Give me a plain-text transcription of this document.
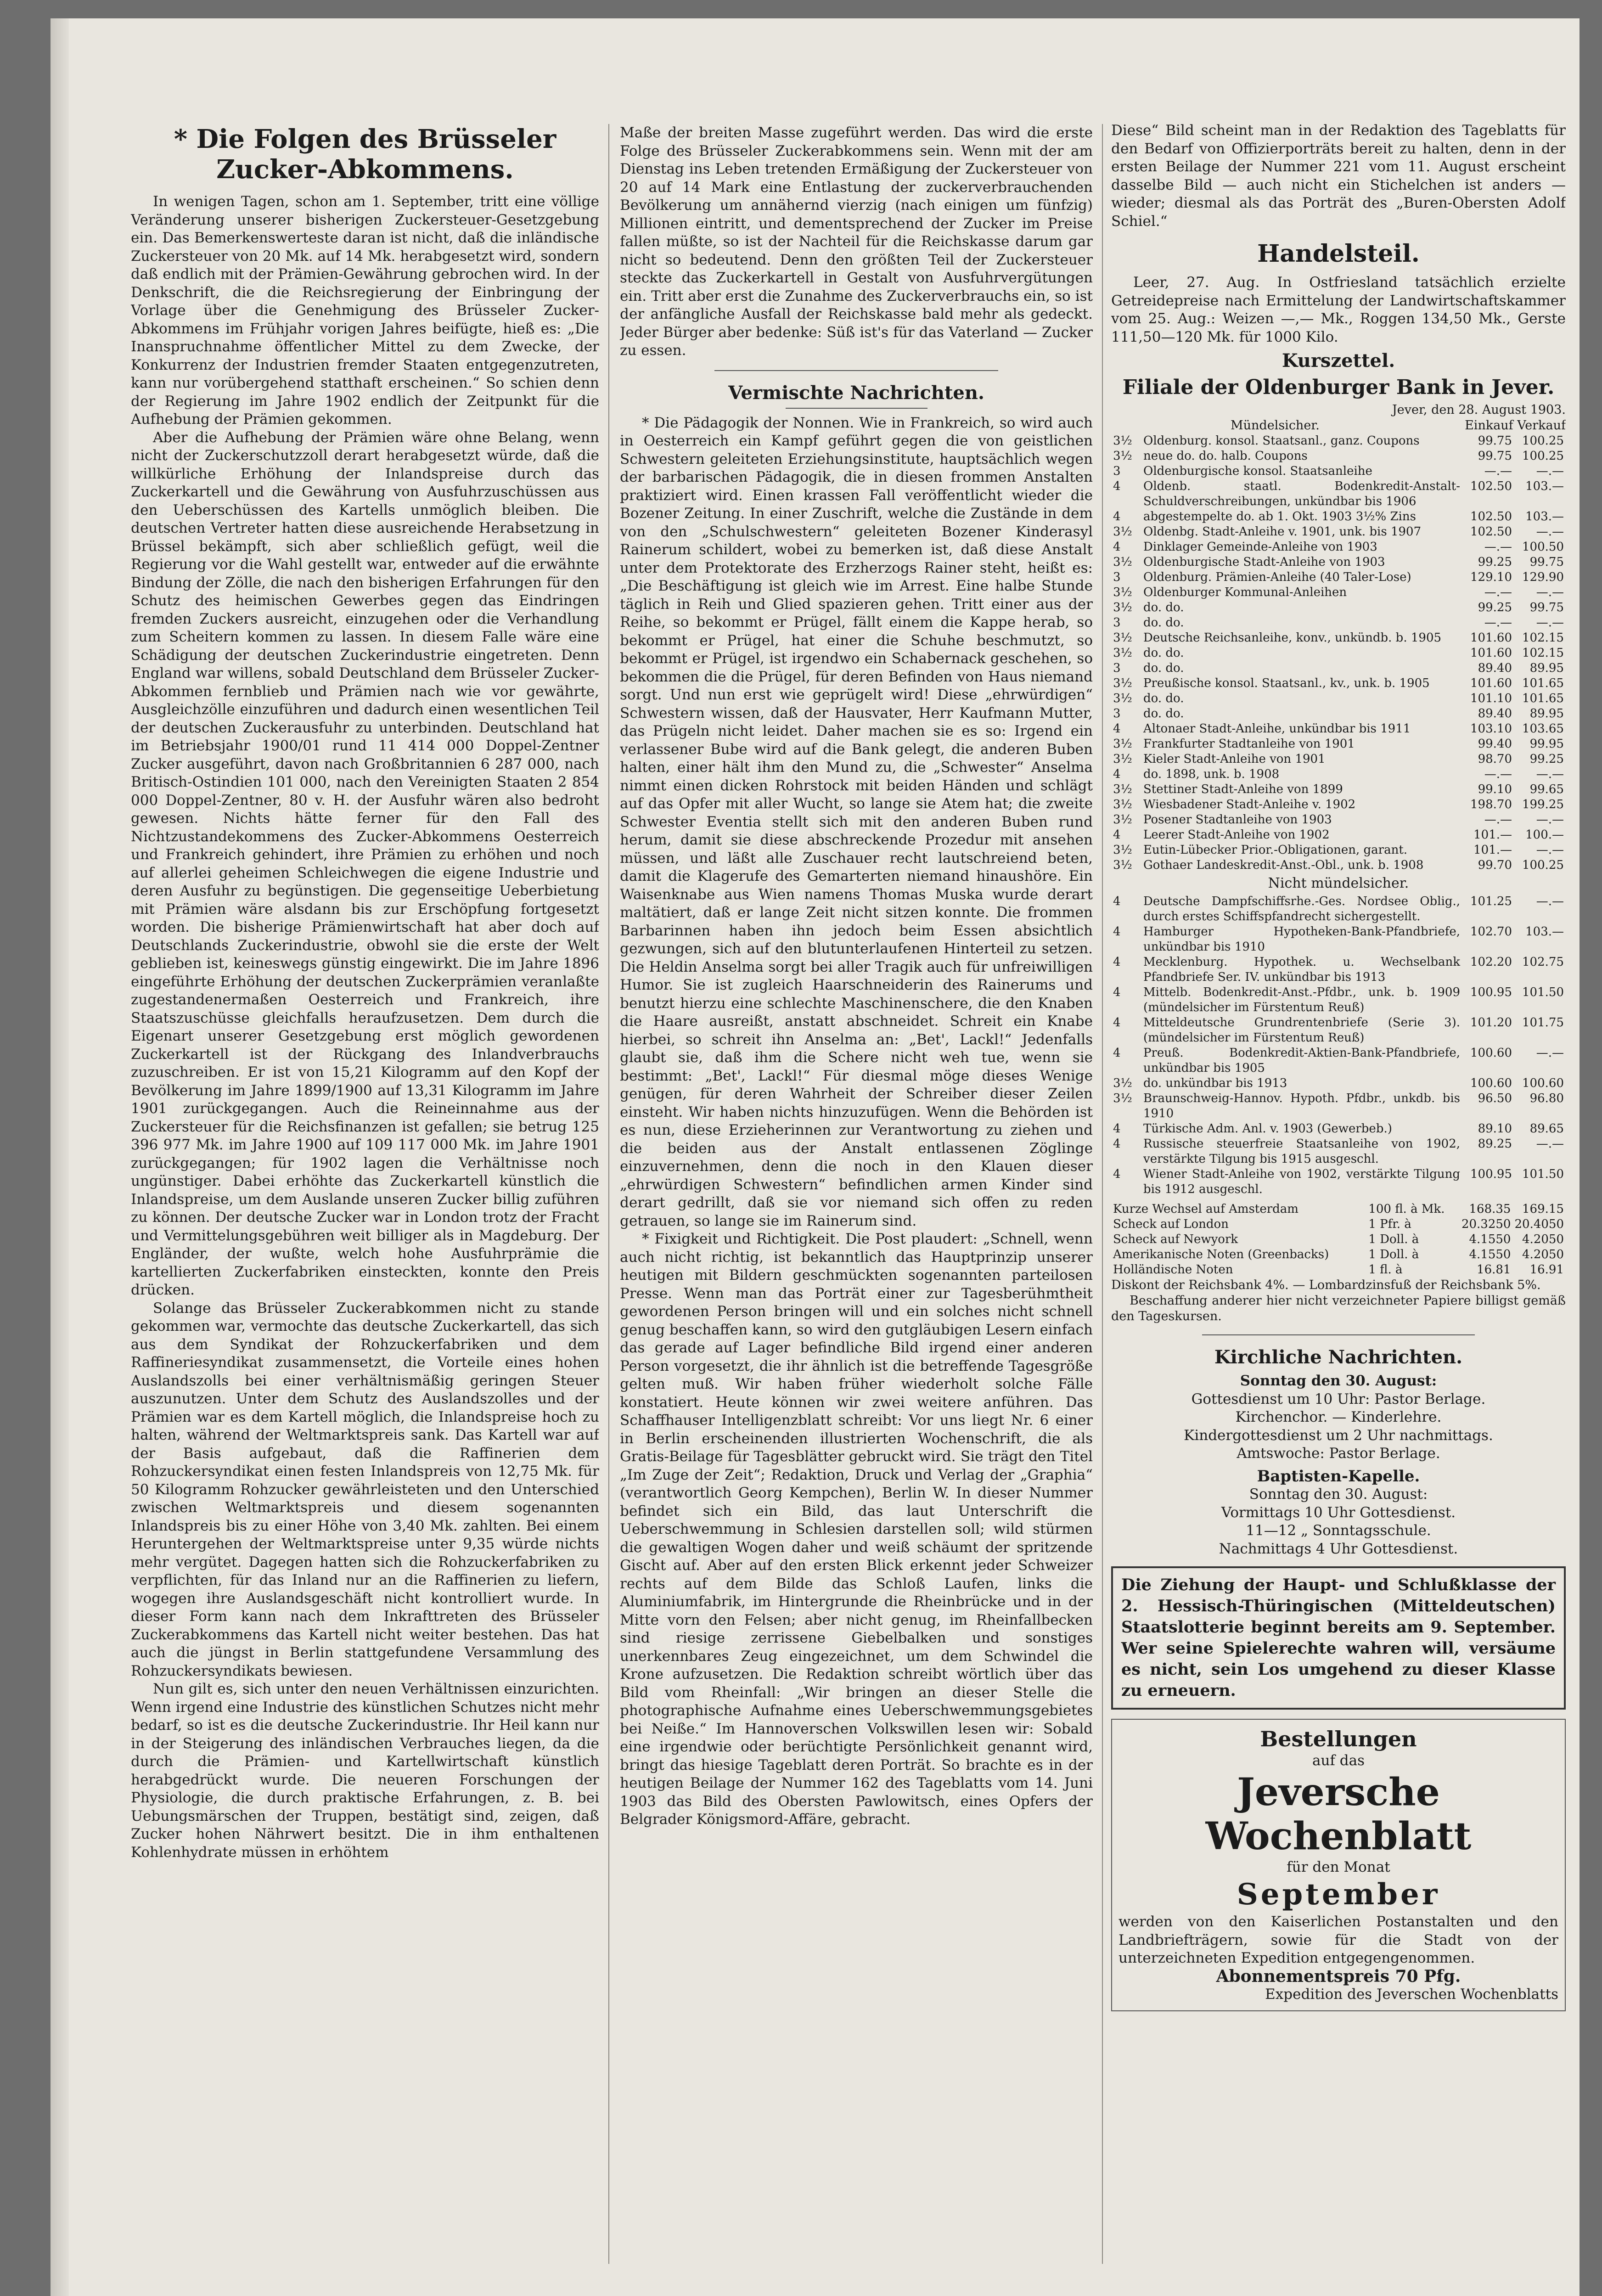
* Die Folgen des Brüsseler Zucker-Abkommens.

In wenigen Tagen, schon am 1. September, tritt eine völlige Veränderung unserer bisherigen Zuckersteuer-Gesetzgebung ein. Das Bemerkenswerteste daran ist nicht, daß die inländische Zuckersteuer von 20 Mk. auf 14 Mk. herabgesetzt wird, sondern daß endlich mit der Prämien-Gewährung gebrochen wird. In der Denkschrift, die die Reichsregierung der Einbringung der Vorlage über die Genehmigung des Brüsseler Zucker-Abkommens im Frühjahr vorigen Jahres beifügte, hieß es: „Die Inanspruchnahme öffentlicher Mittel zu dem Zwecke, der Konkurrenz der Industrien fremder Staaten entgegenzutreten, kann nur vorübergehend statthaft erscheinen.“ So schien denn der Regierung im Jahre 1902 endlich der Zeitpunkt für die Aufhebung der Prämien gekommen.

Aber die Aufhebung der Prämien wäre ohne Belang, wenn nicht der Zuckerschutzzoll derart herabgesetzt würde, daß die willkürliche Erhöhung der Inlandspreise durch das Zuckerkartell und die Gewährung von Ausfuhrzuschüssen aus den Ueberschüssen des Kartells unmöglich bleiben. Die deutschen Vertreter hatten diese ausreichende Herabsetzung in Brüssel bekämpft, sich aber schließlich gefügt, weil die Regierung vor die Wahl gestellt war, entweder auf die erwähnte Bindung der Zölle, die nach den bisherigen Erfahrungen für den Schutz des heimischen Gewerbes gegen das Eindringen fremden Zuckers ausreicht, einzugehen oder die Verhandlung zum Scheitern kommen zu lassen. In diesem Falle wäre eine Schädigung der deutschen Zuckerindustrie eingetreten. Denn England war willens, sobald Deutschland dem Brüsseler Zucker-Abkommen fernblieb und Prämien nach wie vor gewährte, Ausgleichzölle einzuführen und dadurch einen wesentlichen Teil der deutschen Zuckerausfuhr zu unterbinden. Deutschland hat im Betriebsjahr 1900/01 rund 11 414 000 Doppel-Zentner Zucker ausgeführt, davon nach Großbritannien 6 287 000, nach Britisch-Ostindien 101 000, nach den Vereinigten Staaten 2 854 000 Doppel-Zentner, 80 v. H. der Ausfuhr wären also bedroht gewesen. Nichts hätte ferner für den Fall des Nichtzustandekommens des Zucker-Abkommens Oesterreich und Frankreich gehindert, ihre Prämien zu erhöhen und noch auf allerlei geheimen Schleichwegen die eigene Industrie und deren Ausfuhr zu begünstigen. Die gegenseitige Ueberbietung mit Prämien wäre alsdann bis zur Erschöpfung fortgesetzt worden. Die bisherige Prämienwirtschaft hat aber doch auf Deutschlands Zuckerindustrie, obwohl sie die erste der Welt geblieben ist, keineswegs günstig eingewirkt. Die im Jahre 1896 eingeführte Erhöhung der deutschen Zuckerprämien veranlaßte zugestandenermaßen Oesterreich und Frankreich, ihre Staatszuschüsse gleichfalls heraufzusetzen. Dem durch die Eigenart unserer Gesetzgebung erst möglich gewordenen Zuckerkartell ist der Rückgang des Inlandverbrauchs zuzuschreiben. Er ist von 15,21 Kilogramm auf den Kopf der Bevölkerung im Jahre 1899/1900 auf 13,31 Kilogramm im Jahre 1901 zurückgegangen. Auch die Reineinnahme aus der Zuckersteuer für die Reichsfinanzen ist gefallen; sie betrug 125 396 977 Mk. im Jahre 1900 auf 109 117 000 Mk. im Jahre 1901 zurückgegangen; für 1902 lagen die Verhältnisse noch ungünstiger. Dabei erhöhte das Zuckerkartell künstlich die Inlandspreise, um dem Auslande unseren Zucker billig zuführen zu können. Der deutsche Zucker war in London trotz der Fracht und Vermittelungsgebühren weit billiger als in Magdeburg. Der Engländer, der wußte, welch hohe Ausfuhrprämie die kartellierten Zuckerfabriken einsteckten, konnte den Preis drücken.

Solange das Brüsseler Zuckerabkommen nicht zu stande gekommen war, vermochte das deutsche Zuckerkartell, das sich aus dem Syndikat der Rohzuckerfabriken und dem Raffineriesyndikat zusammensetzt, die Vorteile eines hohen Auslandszolls bei einer verhältnismäßig geringen Steuer auszunutzen. Unter dem Schutz des Auslandszolles und der Prämien war es dem Kartell möglich, die Inlandspreise hoch zu halten, während der Weltmarktspreis sank. Das Kartell war auf der Basis aufgebaut, daß die Raffinerien dem Rohzuckersyndikat einen festen Inlandspreis von 12,75 Mk. für 50 Kilogramm Rohzucker gewährleisteten und den Unterschied zwischen Weltmarktspreis und diesem sogenannten Inlandspreis bis zu einer Höhe von 3,40 Mk. zahlten. Bei einem Heruntergehen der Weltmarktspreise unter 9,35 würde nichts mehr vergütet. Dagegen hatten sich die Rohzuckerfabriken zu verpflichten, für das Inland nur an die Raffinerien zu liefern, wogegen ihre Auslandsgeschäft nicht kontrolliert wurde. In dieser Form kann nach dem Inkrafttreten des Brüsseler Zuckerabkommens das Kartell nicht weiter bestehen. Das hat auch die jüngst in Berlin stattgefundene Versammlung des Rohzuckersyndikats bewiesen.

Nun gilt es, sich unter den neuen Verhältnissen einzurichten. Wenn irgend eine Industrie des künstlichen Schutzes nicht mehr bedarf, so ist es die deutsche Zuckerindustrie. Ihr Heil kann nur in der Steigerung des inländischen Verbrauches liegen, da die durch die Prämien- und Kartellwirtschaft künstlich herabgedrückt wurde. Die neueren Forschungen der Physiologie, die durch praktische Erfahrungen, z. B. bei Uebungsmärschen der Truppen, bestätigt sind, zeigen, daß Zucker hohen Nährwert besitzt. Die in ihm enthaltenen Kohlenhydrate müssen in erhöhtem

Maße der breiten Masse zugeführt werden. Das wird die erste Folge des Brüsseler Zuckerabkommens sein. Wenn mit der am Dienstag ins Leben tretenden Ermäßigung der Zuckersteuer von 20 auf 14 Mark eine Entlastung der zuckerverbrauchenden Bevölkerung um annähernd vierzig (nach einigen um fünfzig) Millionen eintritt, und dementsprechend der Zucker im Preise fallen müßte, so ist der Nachteil für die Reichskasse darum gar nicht so bedeutend. Denn den größten Teil der Zuckersteuer steckte das Zuckerkartell in Gestalt von Ausfuhrvergütungen ein. Tritt aber erst die Zunahme des Zuckerverbrauchs ein, so ist der anfängliche Ausfall der Reichskasse bald mehr als gedeckt. Jeder Bürger aber bedenke: Süß ist's für das Vaterland — Zucker zu essen.

Vermischte Nachrichten.

* Die Pädagogik der Nonnen. Wie in Frankreich, so wird auch in Oesterreich ein Kampf geführt gegen die von geistlichen Schwestern geleiteten Erziehungsinstitute, hauptsächlich wegen der barbarischen Pädagogik, die in diesen frommen Anstalten praktiziert wird. Einen krassen Fall veröffentlicht wieder die Bozener Zeitung. In einer Zuschrift, welche die Zustände in dem von den „Schulschwestern“ geleiteten Bozener Kinderasyl Rainerum schildert, wobei zu bemerken ist, daß diese Anstalt unter dem Protektorate des Erzherzogs Rainer steht, heißt es: „Die Beschäftigung ist gleich wie im Arrest. Eine halbe Stunde täglich in Reih und Glied spazieren gehen. Tritt einer aus der Reihe, so bekommt er Prügel, fällt einem die Kappe herab, so bekommt er Prügel, hat einer die Schuhe beschmutzt, so bekommt er Prügel, ist irgendwo ein Schabernack geschehen, so bekommen die die Prügel, für deren Befinden von Haus niemand sorgt. Und nun erst wie geprügelt wird! Diese „ehrwürdigen“ Schwestern wissen, daß der Hausvater, Herr Kaufmann Mutter, das Prügeln nicht leidet. Daher machen sie es so: Irgend ein verlassener Bube wird auf die Bank gelegt, die anderen Buben halten, einer hält ihm den Mund zu, die „Schwester“ Anselma nimmt einen dicken Rohrstock mit beiden Händen und schlägt auf das Opfer mit aller Wucht, so lange sie Atem hat; die zweite Schwester Eventia stellt sich mit den anderen Buben rund herum, damit sie diese abschreckende Prozedur mit ansehen müssen, und läßt alle Zuschauer recht lautschreiend beten, damit die Klagerufe des Gemarterten niemand hinaushöre. Ein Waisenknabe aus Wien namens Thomas Muska wurde derart maltätiert, daß er lange Zeit nicht sitzen konnte. Die frommen Barbarinnen haben ihn jedoch beim Essen absichtlich gezwungen, sich auf den blutunterlaufenen Hinterteil zu setzen. Die Heldin Anselma sorgt bei aller Tragik auch für unfreiwilligen Humor. Sie ist zugleich Haarschneiderin des Rainerums und benutzt hierzu eine schlechte Maschinenschere, die den Knaben die Haare ausreißt, anstatt abschneidet. Schreit ein Knabe hierbei, so schreit ihn Anselma an: „Bet', Lackl!“ Jedenfalls glaubt sie, daß ihm die Schere nicht weh tue, wenn sie bestimmt: „Bet', Lackl!“ Für diesmal möge dieses Wenige genügen, für deren Wahrheit der Schreiber dieser Zeilen einsteht. Wir haben nichts hinzuzufügen. Wenn die Behörden ist es nun, diese Erzieherinnen zur Verantwortung zu ziehen und die beiden aus der Anstalt entlassenen Zöglinge einzuvernehmen, denn die noch in den Klauen dieser „ehrwürdigen Schwestern“ befindlichen armen Kinder sind derart gedrillt, daß sie vor niemand sich offen zu reden getrauen, so lange sie im Rainerum sind.

* Fixigkeit und Richtigkeit. Die Post plaudert: „Schnell, wenn auch nicht richtig, ist bekanntlich das Hauptprinzip unserer heutigen mit Bildern geschmückten sogenannten parteilosen Presse. Wenn man das Porträt einer zur Tagesberühmtheit gewordenen Person bringen will und ein solches nicht schnell genug beschaffen kann, so wird den gutgläubigen Lesern einfach das gerade auf Lager befindliche Bild irgend einer anderen Person vorgesetzt, die ihr ähnlich ist die betreffende Tagesgröße gelten muß. Wir haben früher wiederholt solche Fälle konstatiert. Heute können wir zwei weitere anführen. Das Schaffhauser Intelligenzblatt schreibt: Vor uns liegt Nr. 6 einer in Berlin erscheinenden illustrierten Wochenschrift, die als Gratis-Beilage für Tagesblätter gebruckt wird. Sie trägt den Titel „Im Zuge der Zeit“; Redaktion, Druck und Verlag der „Graphia“ (verantwortlich Georg Kempchen), Berlin W. In dieser Nummer befindet sich ein Bild, das laut Unterschrift die Ueberschwemmung in Schlesien darstellen soll; wild stürmen die gewaltigen Wogen daher und weiß schäumt der spritzende Gischt auf. Aber auf den ersten Blick erkennt jeder Schweizer rechts auf dem Bilde das Schloß Laufen, links die Aluminiumfabrik, im Hintergrunde die Rheinbrücke und in der Mitte vorn den Felsen; aber nicht genug, im Rheinfallbecken sind riesige zerrissene Giebelbalken und sonstiges unerkennbares Zeug eingezeichnet, um dem Schwindel die Krone aufzusetzen. Die Redaktion schreibt wörtlich über das Bild vom Rheinfall: „Wir bringen an dieser Stelle die photographische Aufnahme eines Ueberschwemmungsgebietes bei Neiße.“ Im Hannoverschen Volkswillen lesen wir: Sobald eine irgendwie oder berüchtigte Persönlichkeit genannt wird, bringt das hiesige Tageblatt deren Porträt. So brachte es in der heutigen Beilage der Nummer 162 des Tageblatts vom 14. Juni 1903 das Bild des Obersten Pawlowitsch, eines Opfers der Belgrader Königsmord-Affäre, gebracht.

Diese“ Bild scheint man in der Redaktion des Tageblatts für den Bedarf von Offizierporträts bereit zu halten, denn in der ersten Beilage der Nummer 221 vom 11. August erscheint dasselbe Bild — auch nicht ein Stichelchen ist anders — wieder; diesmal als das Porträt des „Buren-Obersten Adolf Schiel.“

Handelsteil.

Leer, 27. Aug. In Ostfriesland tatsächlich erzielte Getreidepreise nach Ermittelung der Landwirtschaftskammer vom 25. Aug.: Weizen —,— Mk., Roggen 134,50 Mk., Gerste 111,50—120 Mk. für 1000 Kilo.

Kurszettel.
Filiale der Oldenburger Bank in Jever.
Jever, den 28. August 1903.
Mündelsicher.	Einkauf Verkauf
3½	Oldenburg. konsol. Staatsanl., ganz. Coupons	99.75	100.25
3½	neue do. do. halb. Coupons	99.75	100.25
3	Oldenburgische konsol. Staatsanleihe	—.—	—.—
4	Oldenb. staatl. Bodenkredit-Anstalt-Schuldverschreibungen, unkündbar bis 1906	102.50	103.—
4	abgestempelte do. ab 1. Okt. 1903 3½% Zins	102.50	103.—
3½	Oldenbg. Stadt-Anleihe v. 1901, unk. bis 1907	102.50	—.—
4	Dinklager Gemeinde-Anleihe von 1903	—.—	100.50
3½	Oldenburgische Stadt-Anleihe von 1903	99.25	99.75
3	Oldenburg. Prämien-Anleihe (40 Taler-Lose)	129.10	129.90
3½	Oldenburger Kommunal-Anleihen	—.—	—.—
3½	do. do.	99.25	99.75
3	do. do.	—.—	—.—
3½	Deutsche Reichsanleihe, konv., unkündb. b. 1905	101.60	102.15
3½	do. do.	101.60	102.15
3	do. do.	89.40	89.95
3½	Preußische konsol. Staatsanl., kv., unk. b. 1905	101.60	101.65
3½	do. do.	101.10	101.65
3	do. do.	89.40	89.95
4	Altonaer Stadt-Anleihe, unkündbar bis 1911	103.10	103.65
3½	Frankfurter Stadtanleihe von 1901	99.40	99.95
3½	Kieler Stadt-Anleihe von 1901	98.70	99.25
4	do. 1898, unk. b. 1908	—.—	—.—
3½	Stettiner Stadt-Anleihe von 1899	99.10	99.65
3½	Wiesbadener Stadt-Anleihe v. 1902	198.70	199.25
3½	Posener Stadtanleihe von 1903	—.—	—.—
4	Leerer Stadt-Anleihe von 1902	101.—	100.—
3½	Eutin-Lübecker Prior.-Obligationen, garant.	101.—	—.—
3½	Gothaer Landeskredit-Anst.-Obl., unk. b. 1908	99.70	100.25
Nicht mündelsicher.
4	Deutsche Dampfschiffsrhe.-Ges. Nordsee Oblig., durch erstes Schiffspfandrecht sichergestellt.	101.25	—.—
4	Hamburger Hypotheken-Bank-Pfandbriefe, unkündbar bis 1910	102.70	103.—
4	Mecklenburg. Hypothek. u. Wechselbank Pfandbriefe Ser. IV. unkündbar bis 1913	102.20	102.75
4	Mittelb. Bodenkredit-Anst.-Pfdbr., unk. b. 1909 (mündelsicher im Fürstentum Reuß)	100.95	101.50
4	Mitteldeutsche Grundrentenbriefe (Serie 3). (mündelsicher im Fürstentum Reuß)	101.20	101.75
4	Preuß. Bodenkredit-Aktien-Bank-Pfandbriefe, unkündbar bis 1905	100.60	—.—
3½	do. unkündbar bis 1913	100.60	100.60
3½	Braunschweig-Hannov. Hypoth. Pfdbr., unkdb. bis 1910	96.50	96.80
4	Türkische Adm. Anl. v. 1903 (Gewerbeb.)	89.10	89.65
4	Russische steuerfreie Staatsanleihe von 1902, verstärkte Tilgung bis 1915 ausgeschl.	89.25	—.—
4	Wiener Stadt-Anleihe von 1902, verstärkte Tilgung bis 1912 ausgeschl.	100.95	101.50
Kurze Wechsel auf Amsterdam	100 fl. à Mk.	168.35	169.15
Scheck auf London	1 Pfr. à	20.3250	20.4050
Scheck auf Newyork	1 Doll. à	4.1550	4.2050
Amerikanische Noten (Greenbacks)	1 Doll. à	4.1550	4.2050
Holländische Noten	1 fl. à	16.81	16.91
Diskont der Reichsbank 4%. — Lombardzinsfuß der Reichsbank 5%.
Beschaffung anderer hier nicht verzeichneter Papiere billigst gemäß den Tageskursen.
Kirchliche Nachrichten.
Sonntag den 30. August:
Gottesdienst um 10 Uhr: Pastor Berlage.
Kirchenchor. — Kinderlehre.
Kindergottesdienst um 2 Uhr nachmittags.
Amtswoche: Pastor Berlage.
Baptisten-Kapelle.
Sonntag den 30. August:
Vormittags 10 Uhr Gottesdienst.
11—12 „ Sonntagsschule.
Nachmittags 4 Uhr Gottesdienst.
Die Ziehung der Haupt- und Schlußklasse der 2. Hessisch-Thüringischen (Mitteldeutschen) Staatslotterie beginnt bereits am 9. September. Wer seine Spielerechte wahren will, versäume es nicht, sein Los umgehend zu dieser Klasse zu erneuern.
Bestellungen
auf das
Jeversche Wochenblatt
für den Monat
September
werden von den Kaiserlichen Postanstalten und den Landbriefträgern, sowie für die Stadt von der unterzeichneten Expedition entgegengenommen.
Abonnementspreis 70 Pfg.
Expedition des Jeverschen Wochenblatts
